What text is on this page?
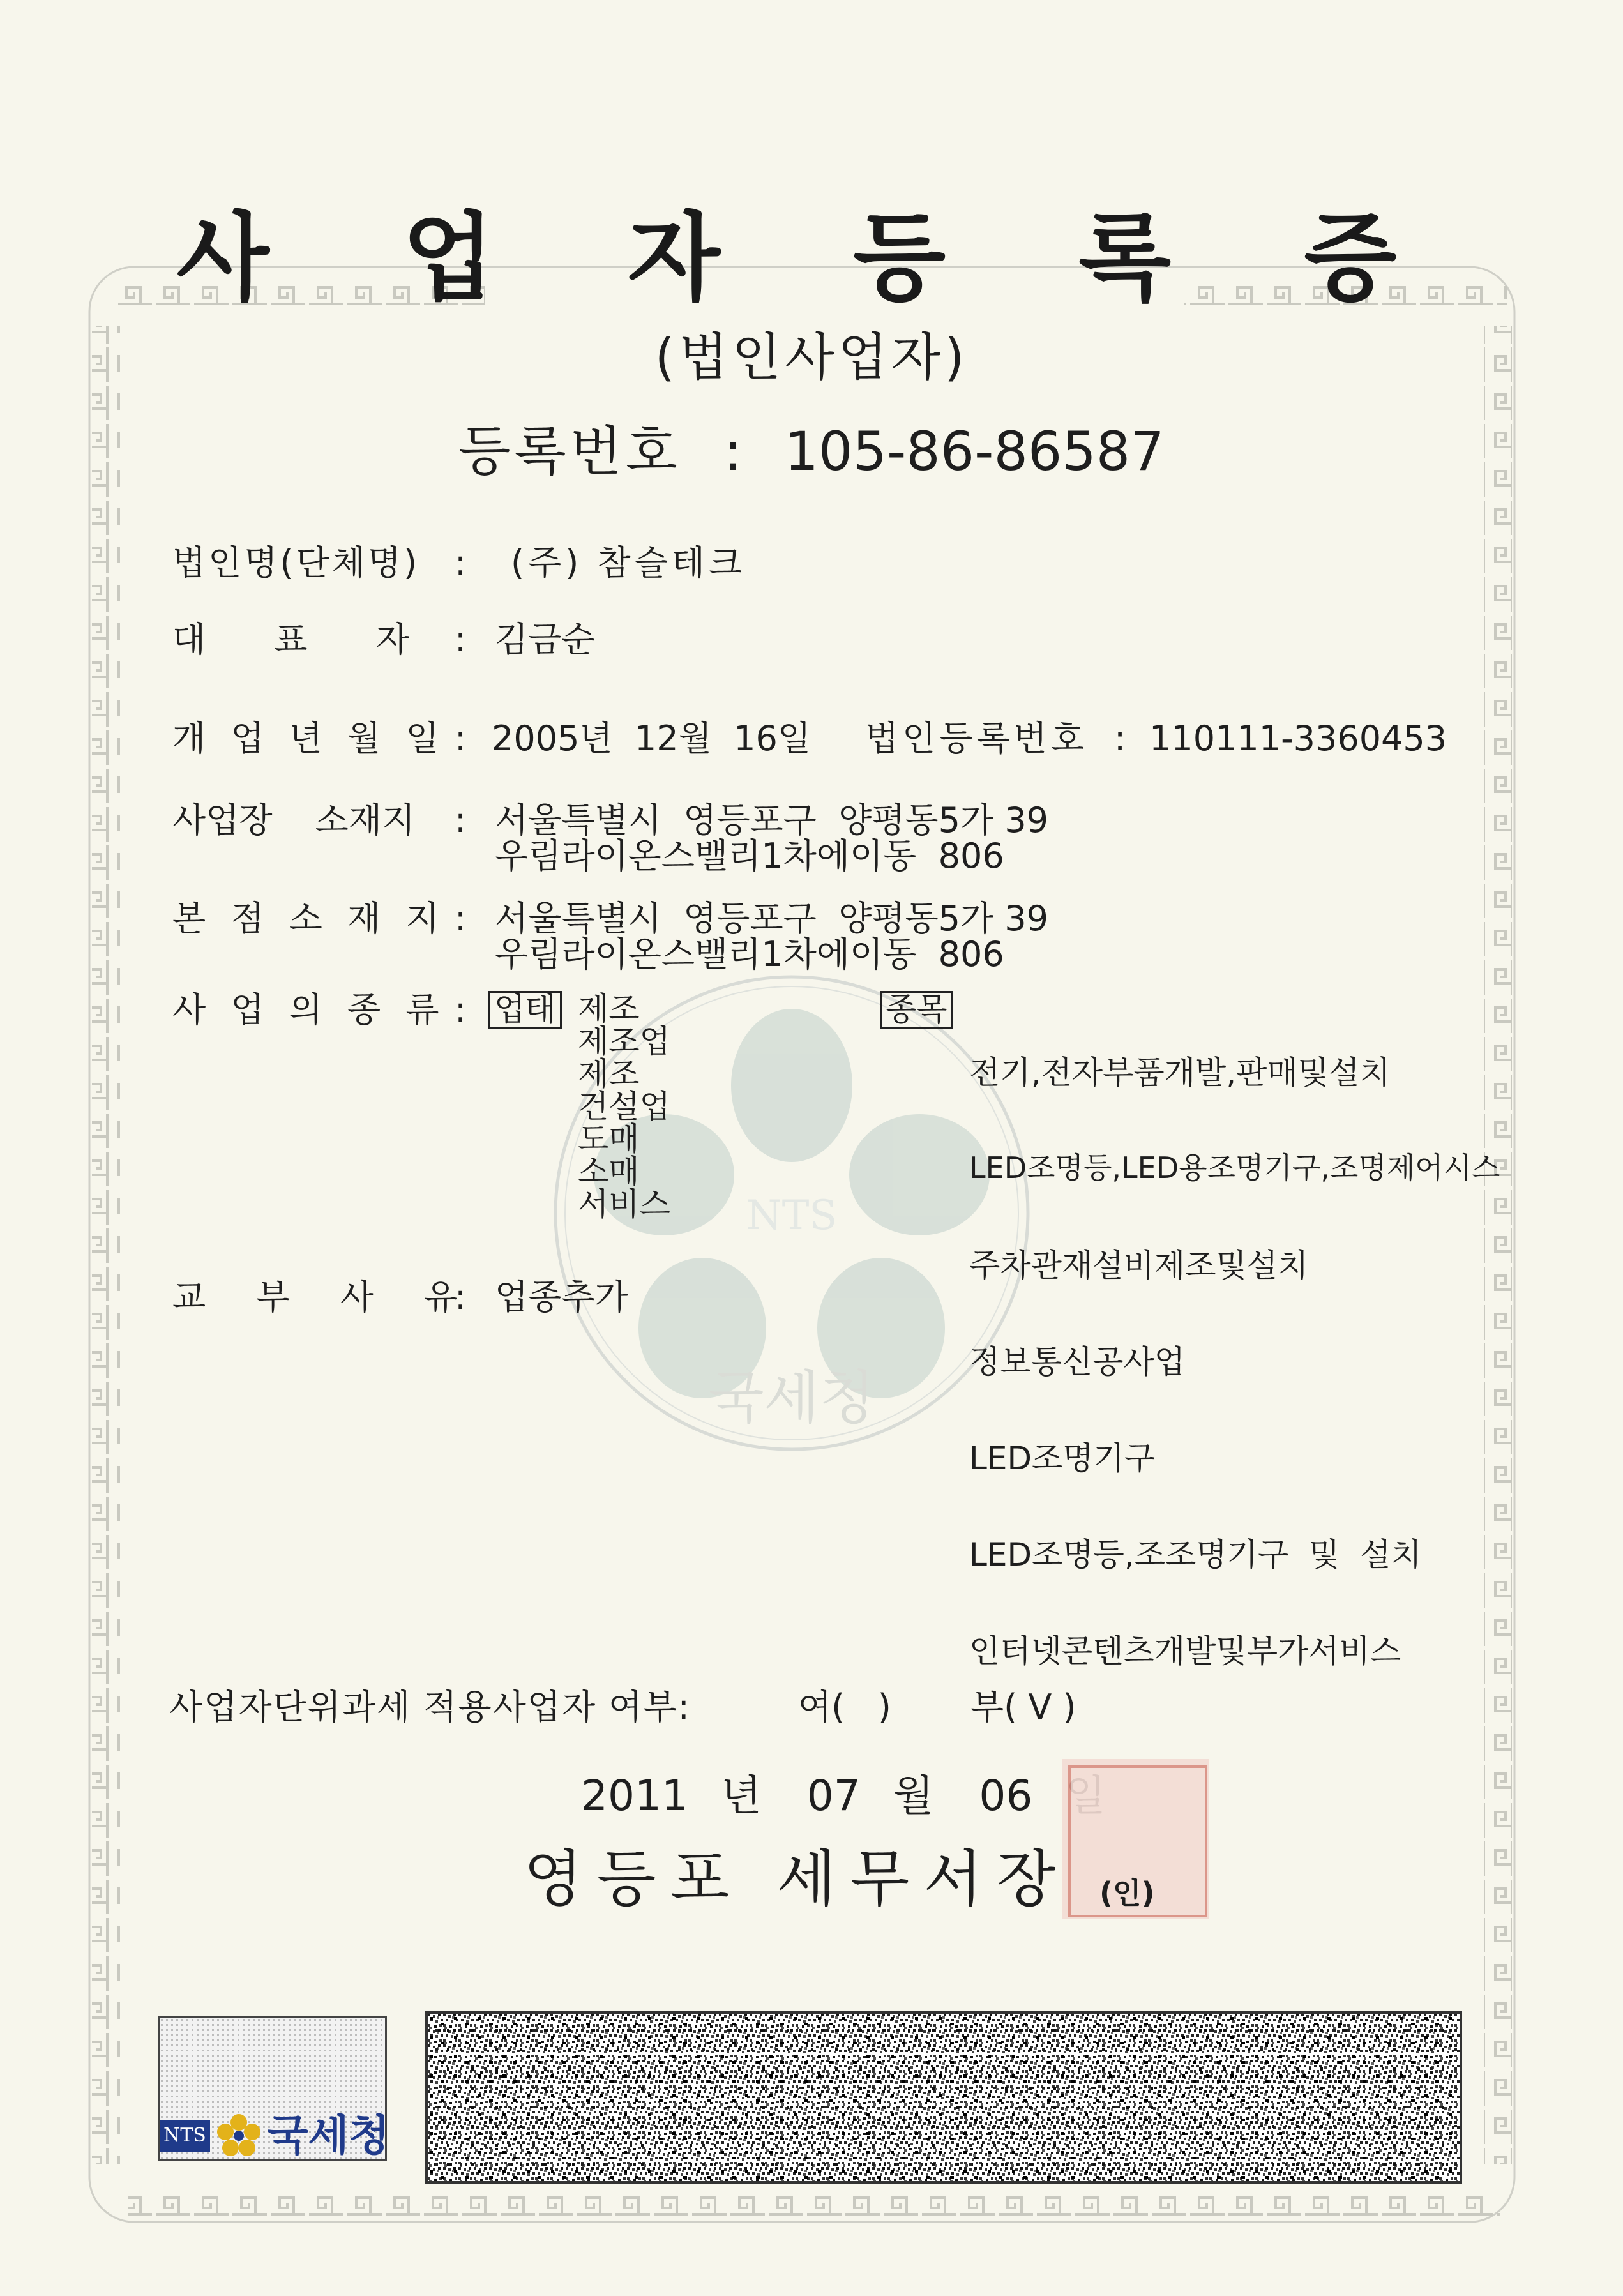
NTS
국세청
사 업 자 등 록 증
(법인사업자)
등록번호 : 105-86-86587
법인명(단체명) : (주) 참슬테크
대 표 자 : 김금순
개 업 년 월 일 : 2005년  12월  16일 법인등록번호 : 110111-3360453
사업장 소재지 : 서울특별시  영등포구  양평동5가 39
우림라이온스밸리1차에이동  806
본 점 소 재 지 : 서울특별시  영등포구  양평동5가 39
우림라이온스밸리1차에이동  806
사 업 의 종 류 : 업태 제조
제조업
제조
건설업
도매
소매
서비스
종목

전기,전자부품개발,판매및설치

LED조명등,LED용조명기구,조명제어시스

주차관재설비제조및설치

정보통신공사업

LED조명기구

LED조명등,조조명기구  및  설치

인터넷콘텐츠개발및부가서비스

교 부 사 유
: 업종추가
사업자단위과세 적용사업자 여부:	여(   ) 부( V )
2011 년 07 월 06
영등포 세무서장 (인)
NTS 국세청
